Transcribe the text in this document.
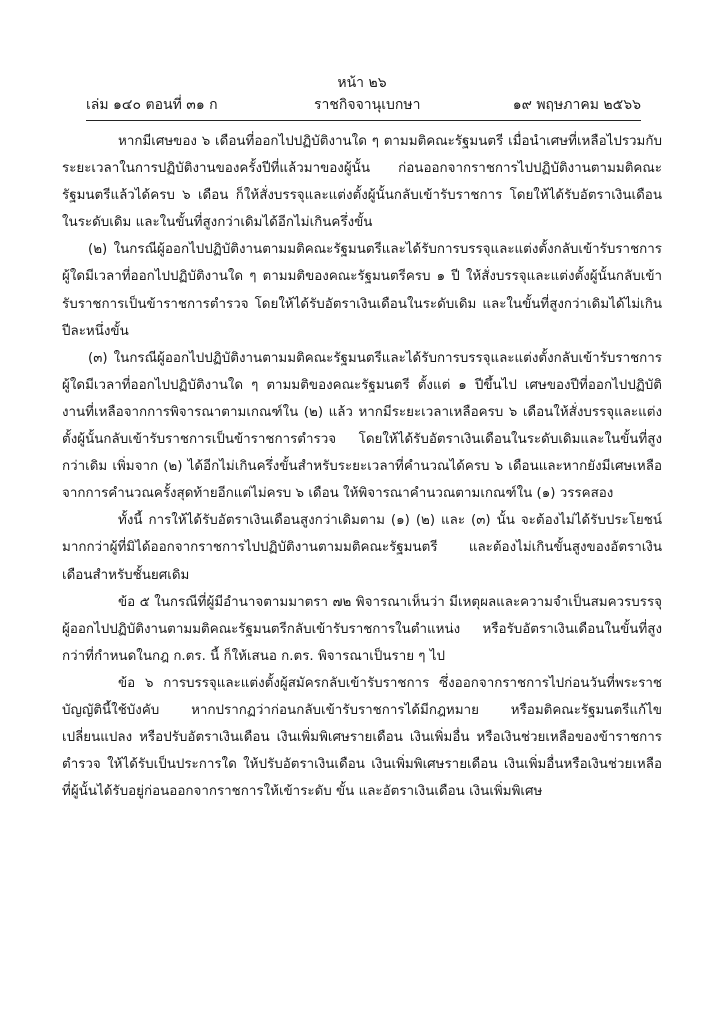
หน้า ๒๖
เล่ม ๑๔๐ ตอนที่ ๓๑ ก	ราชกิจจานุเบกษา	๑๙ พฤษภาคม ๒๕๖๖

หากมีเศษของ ๖ เดือนที่ออกไปปฏิบัติงานใด ๆ ตามมติคณะรัฐมนตรี เมื่อนำเศษที่เหลือไปรวมกับระยะเวลาในการปฏิบัติงานของครั้งปีที่แล้วมาของผู้นั้น ก่อนออกจากราชการไปปฏิบัติงานตามมติคณะรัฐมนตรีแล้วได้ครบ ๖ เดือน ก็ให้สั่งบรรจุและแต่งตั้งผู้นั้นกลับเข้ารับราชการ โดยให้ได้รับอัตราเงินเดือนในระดับเดิม และในขั้นที่สูงกว่าเดิมได้อีกไม่เกินครึ่งขั้น

(๒) ในกรณีผู้ออกไปปฏิบัติงานตามมติคณะรัฐมนตรีและได้รับการบรรจุและแต่งตั้งกลับเข้ารับราชการ ผู้ใดมีเวลาที่ออกไปปฏิบัติงานใด ๆ ตามมติของคณะรัฐมนตรีครบ ๑ ปี ให้สั่งบรรจุและแต่งตั้งผู้นั้นกลับเข้ารับราชการเป็นข้าราชการตำรวจ โดยให้ได้รับอัตราเงินเดือนในระดับเดิม และในขั้นที่สูงกว่าเดิมได้ไม่เกินปีละหนึ่งขั้น

(๓) ในกรณีผู้ออกไปปฏิบัติงานตามมติคณะรัฐมนตรีและได้รับการบรรจุและแต่งตั้งกลับเข้ารับราชการ ผู้ใดมีเวลาที่ออกไปปฏิบัติงานใด ๆ ตามมติของคณะรัฐมนตรี ตั้งแต่ ๑ ปีขึ้นไป เศษของปีที่ออกไปปฏิบัติงานที่เหลือจากการพิจารณาตามเกณฑ์ใน (๒) แล้ว หากมีระยะเวลาเหลือครบ ๖ เดือนให้สั่งบรรจุและแต่งตั้งผู้นั้นกลับเข้ารับราชการเป็นข้าราชการตำรวจ โดยให้ได้รับอัตราเงินเดือนในระดับเดิมและในขั้นที่สูงกว่าเดิม เพิ่มจาก (๒) ได้อีกไม่เกินครึ่งขั้นสำหรับระยะเวลาที่คำนวณได้ครบ ๖ เดือนและหากยังมีเศษเหลือจากการคำนวณครั้งสุดท้ายอีกแต่ไม่ครบ ๖ เดือน ให้พิจารณาคำนวณตามเกณฑ์ใน (๑) วรรคสอง

ทั้งนี้ การให้ได้รับอัตราเงินเดือนสูงกว่าเดิมตาม (๑) (๒) และ (๓) นั้น จะต้องไม่ได้รับประโยชน์มากกว่าผู้ที่มิได้ออกจากราชการไปปฏิบัติงานตามมติคณะรัฐมนตรี และต้องไม่เกินขั้นสูงของอัตราเงินเดือนสำหรับชั้นยศเดิม

ข้อ ๕ ในกรณีที่ผู้มีอำนาจตามมาตรา ๗๒ พิจารณาเห็นว่า มีเหตุผลและความจำเป็นสมควรบรรจุผู้ออกไปปฏิบัติงานตามมติคณะรัฐมนตรีกลับเข้ารับราชการในตำแหน่ง หรือรับอัตราเงินเดือนในขั้นที่สูงกว่าที่กำหนดในกฎ ก.ตร. นี้ ก็ให้เสนอ ก.ตร. พิจารณาเป็นราย ๆ ไป

ข้อ ๖ การบรรจุและแต่งตั้งผู้สมัครกลับเข้ารับราชการ ซึ่งออกจากราชการไปก่อนวันที่พระราชบัญญัตินี้ใช้บังคับ หากปรากฏว่าก่อนกลับเข้ารับราชการได้มีกฎหมาย หรือมติคณะรัฐมนตรีแก้ไขเปลี่ยนแปลง หรือปรับอัตราเงินเดือน เงินเพิ่มพิเศษรายเดือน เงินเพิ่มอื่น หรือเงินช่วยเหลือของข้าราชการตำรวจ ให้ได้รับเป็นประการใด ให้ปรับอัตราเงินเดือน เงินเพิ่มพิเศษรายเดือน เงินเพิ่มอื่นหรือเงินช่วยเหลือที่ผู้นั้นได้รับอยู่ก่อนออกจากราชการให้เข้าระดับ ขั้น และอัตราเงินเดือน เงินเพิ่มพิเศษ
